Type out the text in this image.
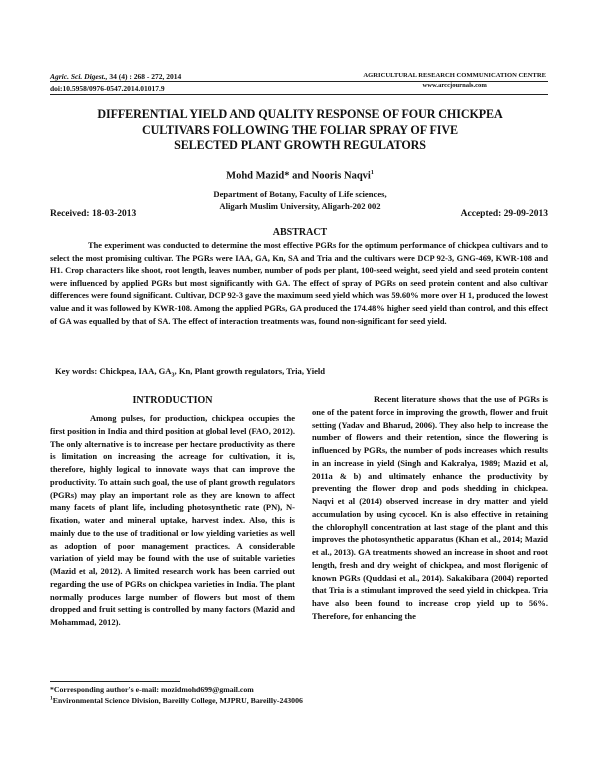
Agric. Sci. Digest., 34 (4) : 268 - 272, 2014
doi:10.5958/0976-0547.2014.01017.9
AGRICULTURAL RESEARCH COMMUNICATION CENTRE
www.arccjournals.com
DIFFERENTIAL YIELD AND QUALITY RESPONSE OF FOUR CHICKPEA
CULTIVARS FOLLOWING THE FOLIAR SPRAY OF FIVE
SELECTED PLANT GROWTH REGULATORS
Mohd Mazid* and Nooris Naqvi$^1$
Department of Botany, Faculty of Life sciences,
Aligarh Muslim University, Aligarh-202 002
Received: 18-03-2013	Accepted: 29-09-2013
ABSTRACT

The experiment was conducted to determine the most effective PGRs for the optimum performance of chickpea cultivars and to select the most promising cultivar. The PGRs were IAA, GA, Kn, SA and Tria and the cultivars were DCP 92-3, GNG-469, KWR-108 and H1. Crop characters like shoot, root length, leaves number, number of pods per plant, 100-seed weight, seed yield and seed protein content were influenced by applied PGRs but most significantly with GA. The effect of spray of PGRs on seed protein content and also cultivar differences were found significant. Cultivar, DCP 92-3 gave the maximum seed yield which was 59.60% more over H 1, produced the lowest value and it was followed by KWR-108. Among the applied PGRs, GA produced the 174.48% higher seed yield than control, and this effect of GA was equalled by that of SA. The effect of interaction treatments was, found non-significant for seed yield.

Key words: Chickpea, IAA, $GA_3$, Kn, Plant growth regulators, Tria, Yield
INTRODUCTION

Among pulses, for production, chickpea occupies the first position in India and third position at global level (FAO, 2012). The only alternative is to increase per hectare productivity as there is limitation on increasing the acreage for cultivation, it is, therefore, highly logical to innovate ways that can improve the productivity. To attain such goal, the use of plant growth regulators (PGRs) may play an important role as they are known to affect many facets of plant life, including photosynthetic rate (PN), N-fixation, water and mineral uptake, harvest index. Also, this is mainly due to the use of traditional or low yielding varieties as well as adoption of poor management practices. A considerable variation of yield may be found with the use of suitable varieties (Mazid et al, 2012). A limited research work has been carried out regarding the use of PGRs on chickpea varieties in India. The plant normally produces large number of flowers but most of them dropped and fruit setting is controlled by many factors (Mazid and Mohammad, 2012).

Recent literature shows that the use of PGRs is one of the patent force in improving the growth, flower and fruit setting (Yadav and Bharud, 2006). They also help to increase the number of flowers and their retention, since the flowering is influenced by PGRs, the number of pods increases which results in an increase in yield (Singh and Kakralya, 1989; Mazid et al, 2011a & b) and ultimately enhance the productivity by preventing the flower drop and pods shedding in chickpea. Naqvi et al (2014) observed increase in dry matter and yield accumulation by using cycocel. Kn is also effective in retaining the chlorophyll concentration at last stage of the plant and this improves the photosynthetic apparatus (Khan et al., 2014; Mazid et al., 2013). GA treatments showed an increase in shoot and root length, fresh and dry weight of chickpea, and most florigenic of known PGRs (Quddasi et al., 2014). Sakakibara (2004) reported that Tria is a stimulant improved the seed yield in chickpea. Tria have also been found to increase crop yield up to 56%. Therefore, for enhancing the

*Corresponding author's e-mail: mozidmohd699@gmail.com
$^1$Environmental Science Division, Bareilly College, MJPRU, Bareilly-243006
